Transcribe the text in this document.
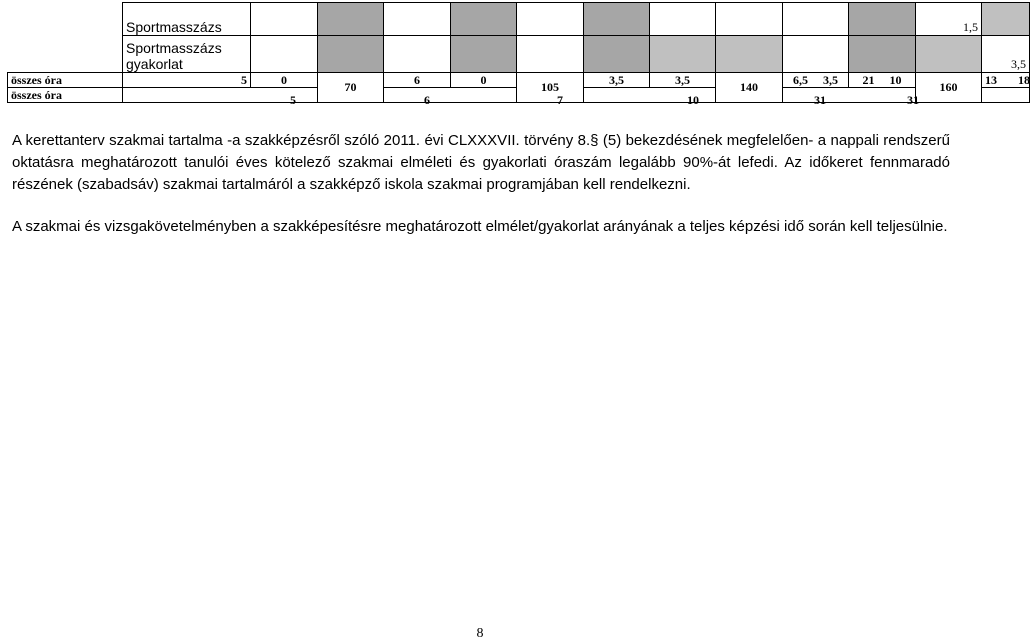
	Sportmasszázs											1,5	
	Sportmasszázs gyakorlat												3,5
összes óra	5	0	70	6	0	105	3,5	3,5	140	6,5 3,5	21 10	160	13 18
összes óra														5	6	7	10	31	31
A kerettanterv szakmai tartalma -a szakképzésről szóló 2011. évi CLXXXVII. törvény 8.§ (5) bekezdésének megfelelően- a nappali rendszerű oktatásra meghatározott tanulói éves kötelező szakmai elméleti és gyakorlati óraszám legalább 90%-át lefedi. Az időkeret fennmaradó részének (szabadsáv) szakmai tartalmáról a szakképző iskola szakmai programjában kell rendelkezni.
A szakmai és vizsgakövetelményben a szakképesítésre meghatározott elmélet/gyakorlat arányának a teljes képzési idő során kell teljesülnie.
8
